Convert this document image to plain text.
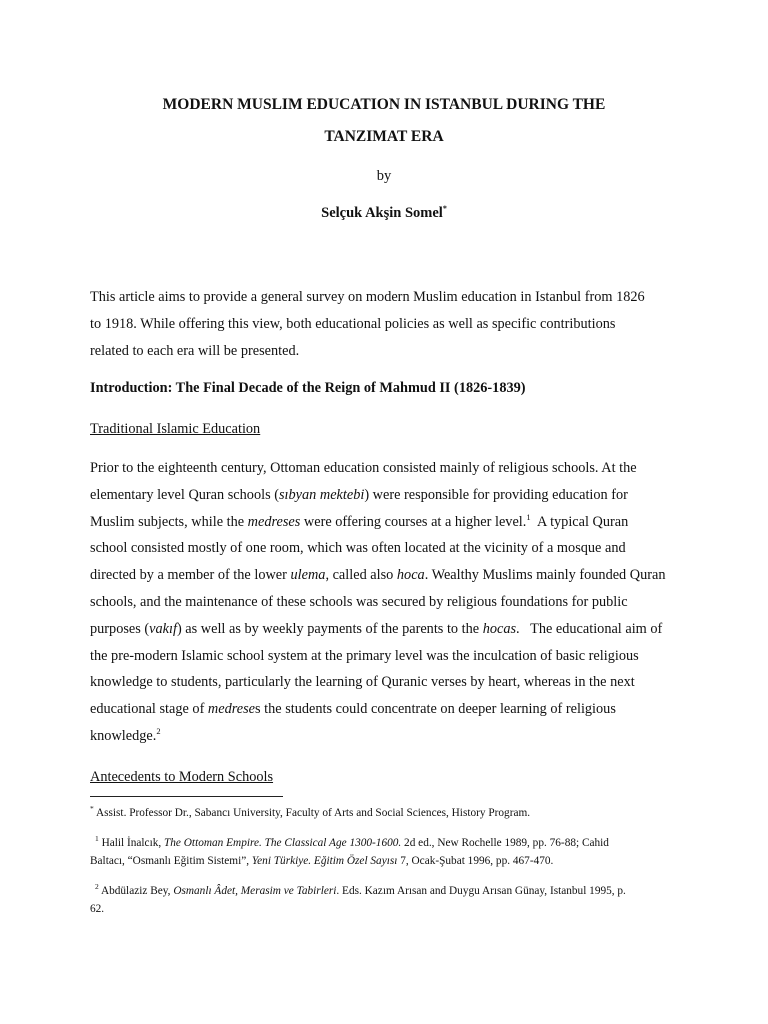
MODERN MUSLIM EDUCATION IN ISTANBUL DURING THE
TANZIMAT ERA
by
Selçuk Akşin Somel*
This article aims to provide a general survey on modern Muslim education in Istanbul from 1826
to 1918. While offering this view, both educational policies as well as specific contributions
related to each era will be presented.
Introduction: The Final Decade of the Reign of Mahmud II (1826-1839)
Traditional Islamic Education
Prior to the eighteenth century, Ottoman education consisted mainly of religious schools. At the
elementary level Quran schools (sıbyan mektebi) were responsible for providing education for
Muslim subjects, while the medreses were offering courses at a higher level.$^1$  A typical Quran
school consisted mostly of one room, which was often located at the vicinity of a mosque and
directed by a member of the lower ulema, called also hoca. Wealthy Muslims mainly founded Quran
schools, and the maintenance of these schools was secured by religious foundations for public
purposes (vakıf) as well as by weekly payments of the parents to the hocas.   The educational aim of
the pre-modern Islamic school system at the primary level was the inculcation of basic religious
knowledge to students, particularly the learning of Quranic verses by heart, whereas in the next
educational stage of medreses the students could concentrate on deeper learning of religious
knowledge.$^2$
Antecedents to Modern Schools
* Assist. Professor Dr., Sabancı University, Faculty of Arts and Social Sciences, History Program.
$^1$ Halil İnalcık, The Ottoman Empire. The Classical Age 1300-1600. 2d ed., New Rochelle 1989, pp. 76-88; Cahid
Baltacı, “Osmanlı Eğitim Sistemi”, Yeni Türkiye. Eğitim Özel Sayısı 7, Ocak-Şubat 1996, pp. 467-470.
$^2$ Abdülaziz Bey, Osmanlı Âdet, Merasim ve Tabirleri. Eds. Kazım Arısan and Duygu Arısan Günay, Istanbul 1995, p.
62.
